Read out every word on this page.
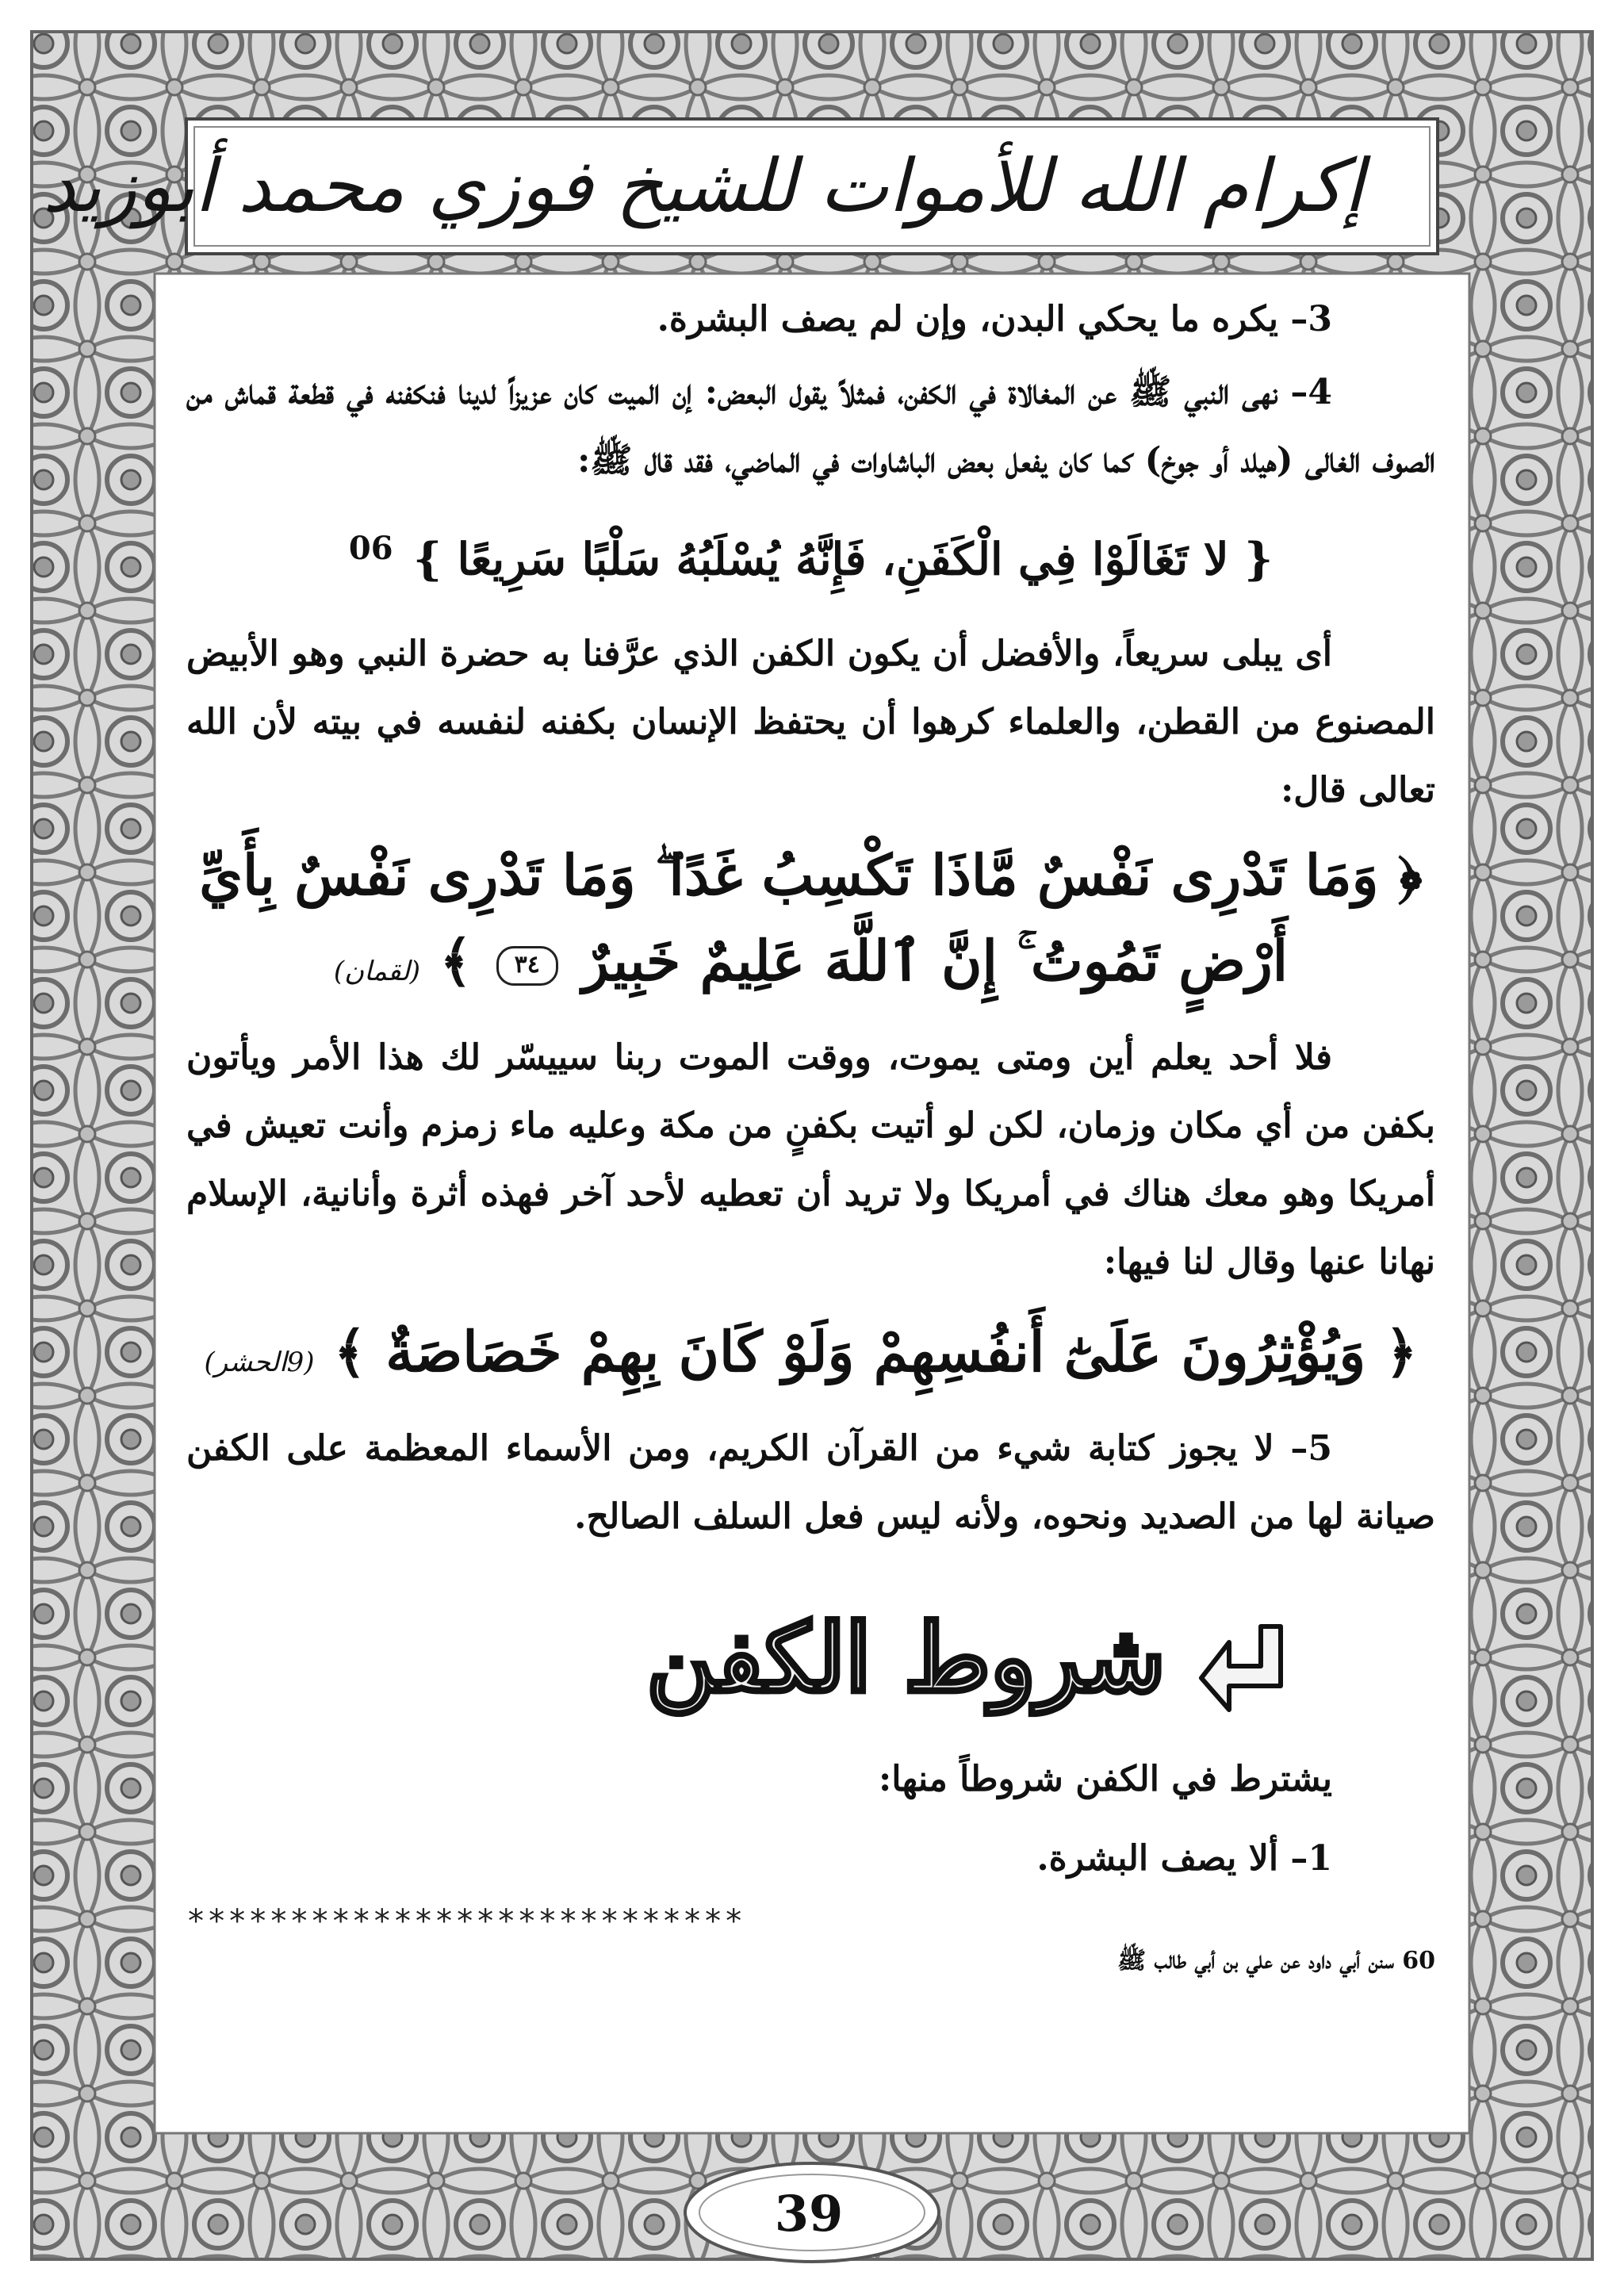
إكرام الله للأموات للشيخ فوزي محمد أبوزيد

3– يكره ما يحكي البدن، وإن لم يصف البشرة.

4– نهى النبي ﷺ عن المغالاة في الكفن، فمثلاً يقول البعض: إن الميت كان عزيزاً لدينا فنكفنه في قطعة قماش من الصوف الغالى (هيلد أو جوخ) كما كان يفعل بعض الباشاوات في الماضي، فقد قال ﷺ:

{ لا تَغَالَوْا فِي الْكَفَنِ، فَإِنَّهُ يُسْلَبُهُ سَلْبًا سَرِيعًا } $^{06}$

أى يبلى سريعاً، والأفضل أن يكون الكفن الذي عرَّفنا به حضرة النبي وهو الأبيض المصنوع من القطن، والعلماء كرهوا أن يحتفظ الإنسان بكفنه لنفسه في بيته لأن الله تعالى قال:

﴿ وَمَا تَدْرِى نَفْسٌ مَّاذَا تَكْسِبُ غَدًا ۖ وَمَا تَدْرِى نَفْسٌ بِأَيِّ
أَرْضٍ تَمُوتُ ۚ إِنَّ ٱللَّهَ عَلِيمٌ خَبِيرٌ ٣٤ ﴾ (لقمان)

فلا أحد يعلم أين ومتى يموت، ووقت الموت ربنا سييسّر لك هذا الأمر ويأتون بكفن من أي مكان وزمان، لكن لو أتيت بكفنٍ من مكة وعليه ماء زمزم وأنت تعيش في أمريكا وهو معك هناك في أمريكا ولا تريد أن تعطيه لأحد آخر فهذه أثرة وأنانية، الإسلام نهانا عنها وقال لنا فيها:

﴿ وَيُؤْثِرُونَ عَلَىٰٓ أَنفُسِهِمْ وَلَوْ كَانَ بِهِمْ خَصَاصَةٌ ﴾ (9الحشر)

5– لا يجوز كتابة شيء من القرآن الكريم، ومن الأسماء المعظمة على الكفن صيانة لها من الصديد ونحوه، ولأنه ليس فعل السلف الصالح.

شروط الكفن

يشترط في الكفن شروطاً منها:

1– ألا يصف البشرة.

***************************
60 سنن أبي داود عن علي بن أبي طالب ﷺ
39
